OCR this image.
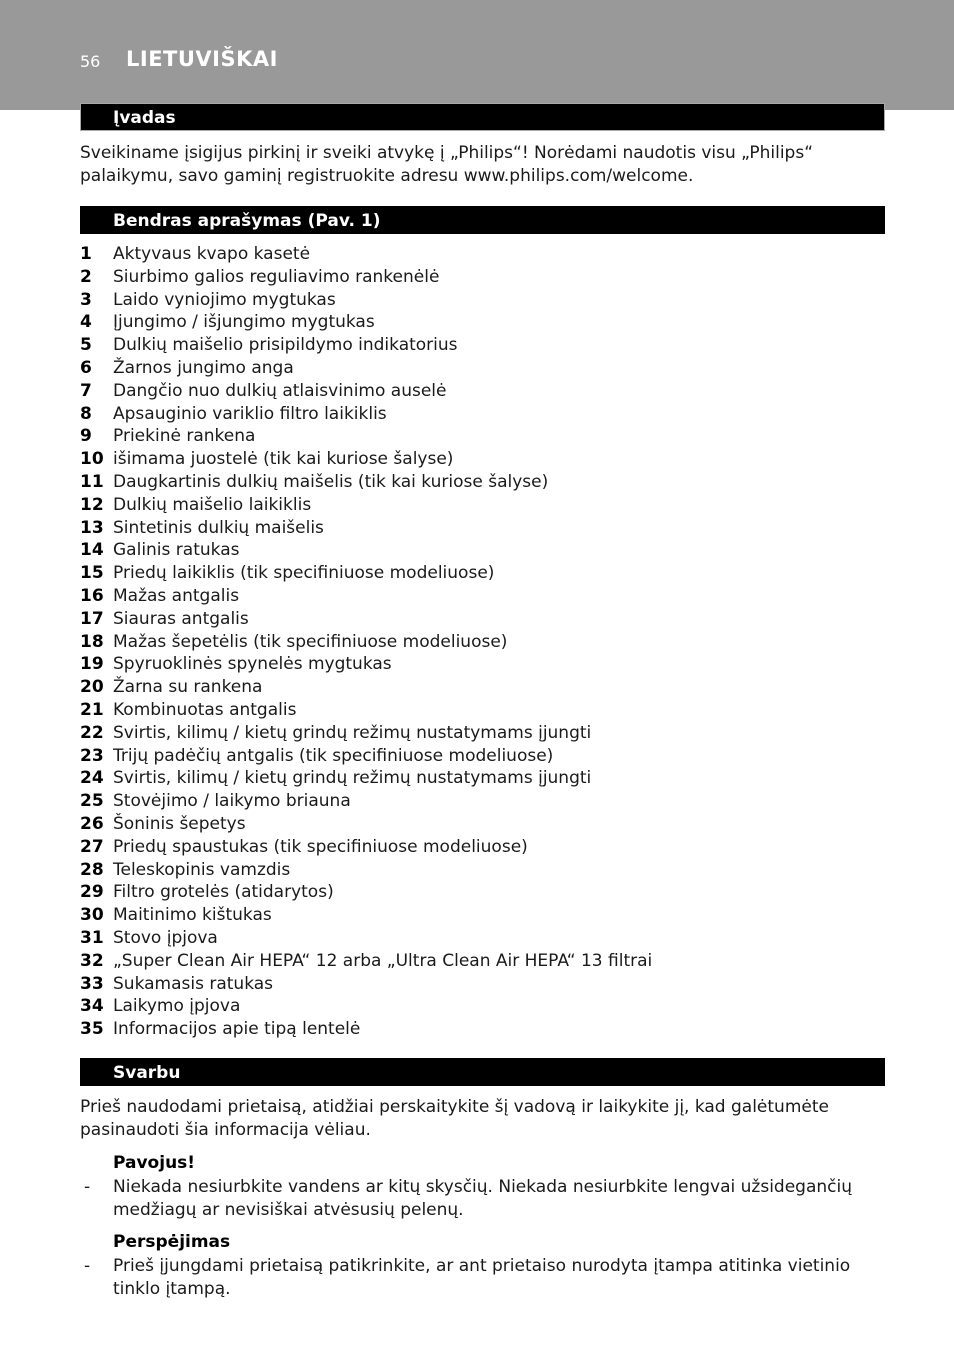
56 LIETUVIŠKAI
Įvadas
Sveikiname įsigijus pirkinį ir sveiki atvykę į „Philips“! Norėdami naudotis visu „Philips“ palaikymu, savo gaminį registruokite adresu www.philips.com/welcome.
Bendras aprašymas (Pav. 1)
1 Aktyvaus kvapo kasetė
2 Siurbimo galios reguliavimo rankenėlė
3 Laido vyniojimo mygtukas
4 Įjungimo / išjungimo mygtukas
5 Dulkių maišelio prisipildymo indikatorius
6 Žarnos jungimo anga
7 Dangčio nuo dulkių atlaisvinimo auselė
8 Apsauginio variklio filtro laikiklis
9 Priekinė rankena
10 išimama juostelė (tik kai kuriose šalyse)
11 Daugkartinis dulkių maišelis (tik kai kuriose šalyse)
12 Dulkių maišelio laikiklis
13 Sintetinis dulkių maišelis
14 Galinis ratukas
15 Priedų laikiklis (tik specifiniuose modeliuose)
16 Mažas antgalis
17 Siauras antgalis
18 Mažas šepetėlis (tik specifiniuose modeliuose)
19 Spyruoklinės spynelės mygtukas
20 Žarna su rankena
21 Kombinuotas antgalis
22 Svirtis, kilimų / kietų grindų režimų nustatymams įjungti
23 Trijų padėčių antgalis (tik specifiniuose modeliuose)
24 Svirtis, kilimų / kietų grindų režimų nustatymams įjungti
25 Stovėjimo / laikymo briauna
26 Šoninis šepetys
27 Priedų spaustukas (tik specifiniuose modeliuose)
28 Teleskopinis vamzdis
29 Filtro grotelės (atidarytos)
30 Maitinimo kištukas
31 Stovo įpjova
32 „Super Clean Air HEPA“ 12 arba „Ultra Clean Air HEPA“ 13 filtrai
33 Sukamasis ratukas
34 Laikymo įpjova
35 Informacijos apie tipą lentelė
Svarbu
Prieš naudodami prietaisą, atidžiai perskaitykite šį vadovą ir laikykite jį, kad galėtumėte pasinaudoti šia informacija vėliau.
Pavojus!
- Niekada nesiurbkite vandens ar kitų skysčių. Niekada nesiurbkite lengvai užsidegančių medžiagų ar nevisiškai atvėsusių pelenų.
Perspėjimas
- Prieš įjungdami prietaisą patikrinkite, ar ant prietaiso nurodyta įtampa atitinka vietinio tinklo įtampą.
